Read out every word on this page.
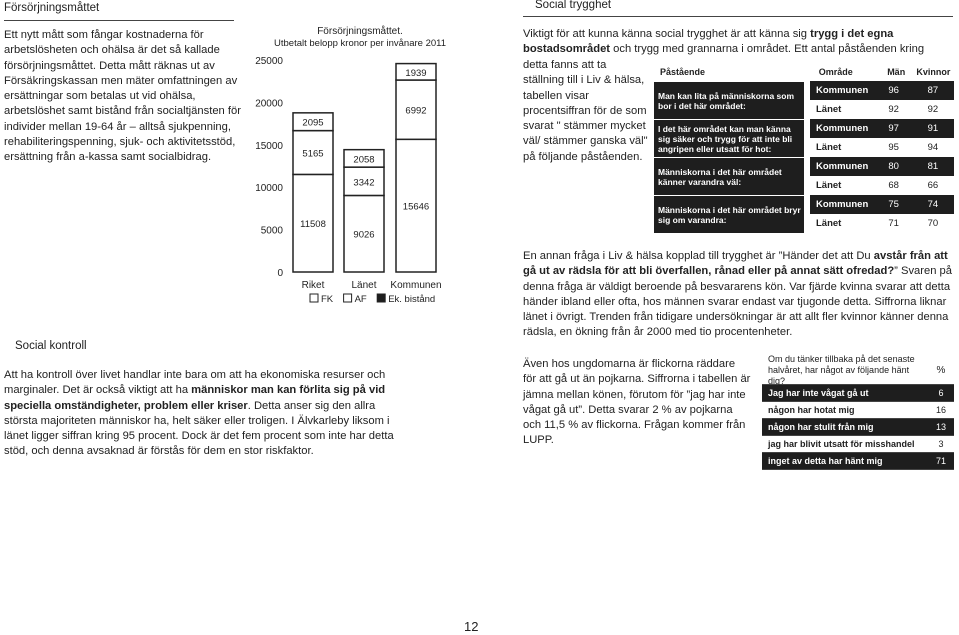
Försörjningsmåttet
Ett nytt mått som fångar kostnaderna för arbetslösheten och ohälsa är det så kallade försörjningsmåttet. Detta mått räknas ut av Försäkringskassan men mäter omfattningen av ersättningar som betalas ut vid ohälsa, arbetslöshet samt bistånd från socialtjänsten för individer mellan 19-64 år – alltså sjukpenning, rehabiliteringspenning, sjuk- och aktivitetsstöd, ersättning från a-kassa samt socialbidrag.
Försörjningsmåttet.
Utbetalt belopp kronor per invånare 2011
0
5000
10000
15000
20000
25000
11508
5165
2095
Riket
9026
3342
2058
Länet
15646
6992
1939
Kommunen
FK AF Ek. bistånd
Social kontroll
Att ha kontroll över livet handlar inte bara om att ha ekonomiska resurser och marginaler. Det är också viktigt att ha människor man kan förlita sig på vid speciella omständigheter, problem eller kriser. Detta anser sig den allra största majoriteten människor ha, helt säker eller troligen. I Älvkarleby liksom i länet ligger siffran kring 95 procent. Dock är det fem procent som inte har detta stöd, och denna avsaknad är förstås för dem en stor riskfaktor.
Social trygghet
Viktigt för att kunna känna social trygghet är att känna sig trygg i det egna bostadsområdet och trygg med grannarna i området. Ett antal påståenden kring
detta fanns att ta ställning till i Liv & hälsa, tabellen visar procentsiffran för de som svarat " stämmer mycket väl/ stämmer ganska väl" på följande påståenden.
Påstående	Område	Män	Kvinnor
Man kan lita på människorna som bor i det här området:
Kommunen	96	87
Länet	92	92
I det här området kan man känna sig säker och trygg för att inte bli angripen eller utsatt för hot:
Kommunen	97	91
Länet	95	94
Människorna i det här området känner varandra väl:
Kommunen	80	81
Länet	68	66
Människorna i det här området bryr sig om varandra:
Kommunen	75	74
Länet	71	70
En annan fråga i Liv & hälsa kopplad till trygghet är ”Händer det att Du avstår från att gå ut av rädsla för att bli överfallen, rånad eller på annat sätt ofredad?” Svaren på denna fråga är väldigt beroende på besvararens kön. Var fjärde kvinna svarar att detta händer ibland eller ofta, hos männen svarar endast var tjugonde detta. Siffrorna liknar länet i övrigt. Trenden från tidigare undersökningar är att allt fler kvinnor känner denna rädsla, en ökning från år 2000 med tio procentenheter.
Även hos ungdomarna är flickorna räddare för att gå ut än pojkarna. Siffrorna i tabellen är jämna mellan könen, förutom för ”jag har inte vågat gå ut”. Detta svarar 2 % av pojkarna och 11,5 % av flickorna. Frågan kommer från LUPP.
Om du tänker tillbaka på det senaste halvåret, har något av följande hänt dig?
%
Jag har inte vågat gå ut	6
någon har hotat mig	16
någon har stulit från mig	13
jag har blivit utsatt för misshandel	3
inget av detta har hänt mig	71
12
